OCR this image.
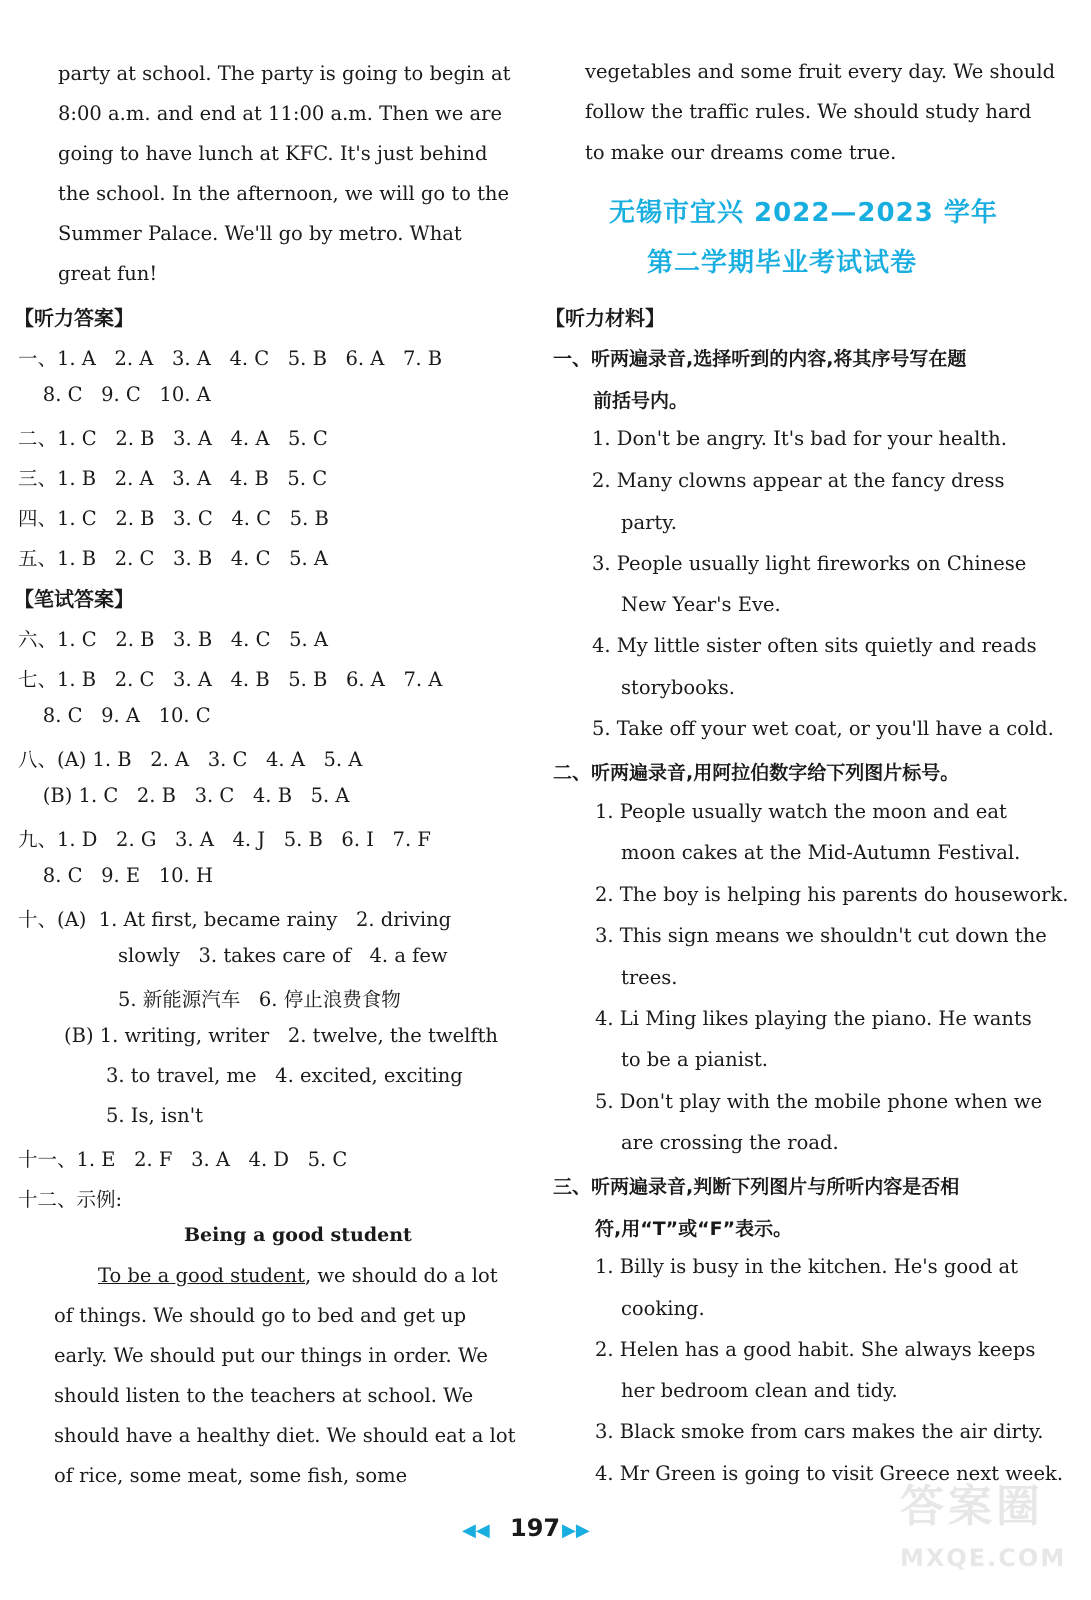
party at school. The party is going to begin at
8:00 a.m. and end at 11:00 a.m. Then we are
going to have lunch at KFC. It's just behind
the school. In the afternoon, we will go to the
Summer Palace. We'll go by metro. What
great fun!
【听力答案】
一、1. A   2. A   3. A   4. C   5. B   6. A   7. B
8. C   9. C   10. A
二、1. C   2. B   3. A   4. A   5. C
三、1. B   2. A   3. A   4. B   5. C
四、1. C   2. B   3. C   4. C   5. B
五、1. B   2. C   3. B   4. C   5. A
【笔试答案】
六、1. C   2. B   3. B   4. C   5. A
七、1. B   2. C   3. A   4. B   5. B   6. A   7. A
8. C   9. A   10. C
八、(A) 1. B   2. A   3. C   4. A   5. A
(B) 1. C   2. B   3. C   4. B   5. A
九、1. D   2. G   3. A   4. J   5. B   6. I   7. F
8. C   9. E   10. H
十、(A)  1. At first, became rainy   2. driving
slowly   3. takes care of   4. a few
5. 新能源汽车   6. 停止浪费食物
(B) 1. writing, writer   2. twelve, the twelfth
3. to travel, me   4. excited, exciting
5. Is, isn't
十一、1. E   2. F   3. A   4. D   5. C
十二、示例:
Being a good student
To be a good student, we should do a lot
of things. We should go to bed and get up
early. We should put our things in order. We
should listen to the teachers at school. We
should have a healthy diet. We should eat a lot
of rice, some meat, some fish, some
vegetables and some fruit every day. We should
follow the traffic rules. We should study hard
to make our dreams come true.
无锡市宜兴 2022—2023 学年
第二学期毕业考试试卷
【听力材料】
一、听两遍录音,选择听到的内容,将其序号写在题
前括号内。
1. Don't be angry. It's bad for your health.
2. Many clowns appear at the fancy dress
party.
3. People usually light fireworks on Chinese
New Year's Eve.
4. My little sister often sits quietly and reads
storybooks.
5. Take off your wet coat, or you'll have a cold.
二、听两遍录音,用阿拉伯数字给下列图片标号。
1. People usually watch the moon and eat
moon cakes at the Mid-Autumn Festival.
2. The boy is helping his parents do housework.
3. This sign means we shouldn't cut down the
trees.
4. Li Ming likes playing the piano. He wants
to be a pianist.
5. Don't play with the mobile phone when we
are crossing the road.
三、听两遍录音,判断下列图片与所听内容是否相
符,用“T”或“F”表示。
1. Billy is busy in the kitchen. He's good at
cooking.
2. Helen has a good habit. She always keeps
her bedroom clean and tidy.
3. Black smoke from cars makes the air dirty.
4. Mr Green is going to visit Greece next week.
◀◀ 197 ▶▶	答案圈
MXQE.COM
